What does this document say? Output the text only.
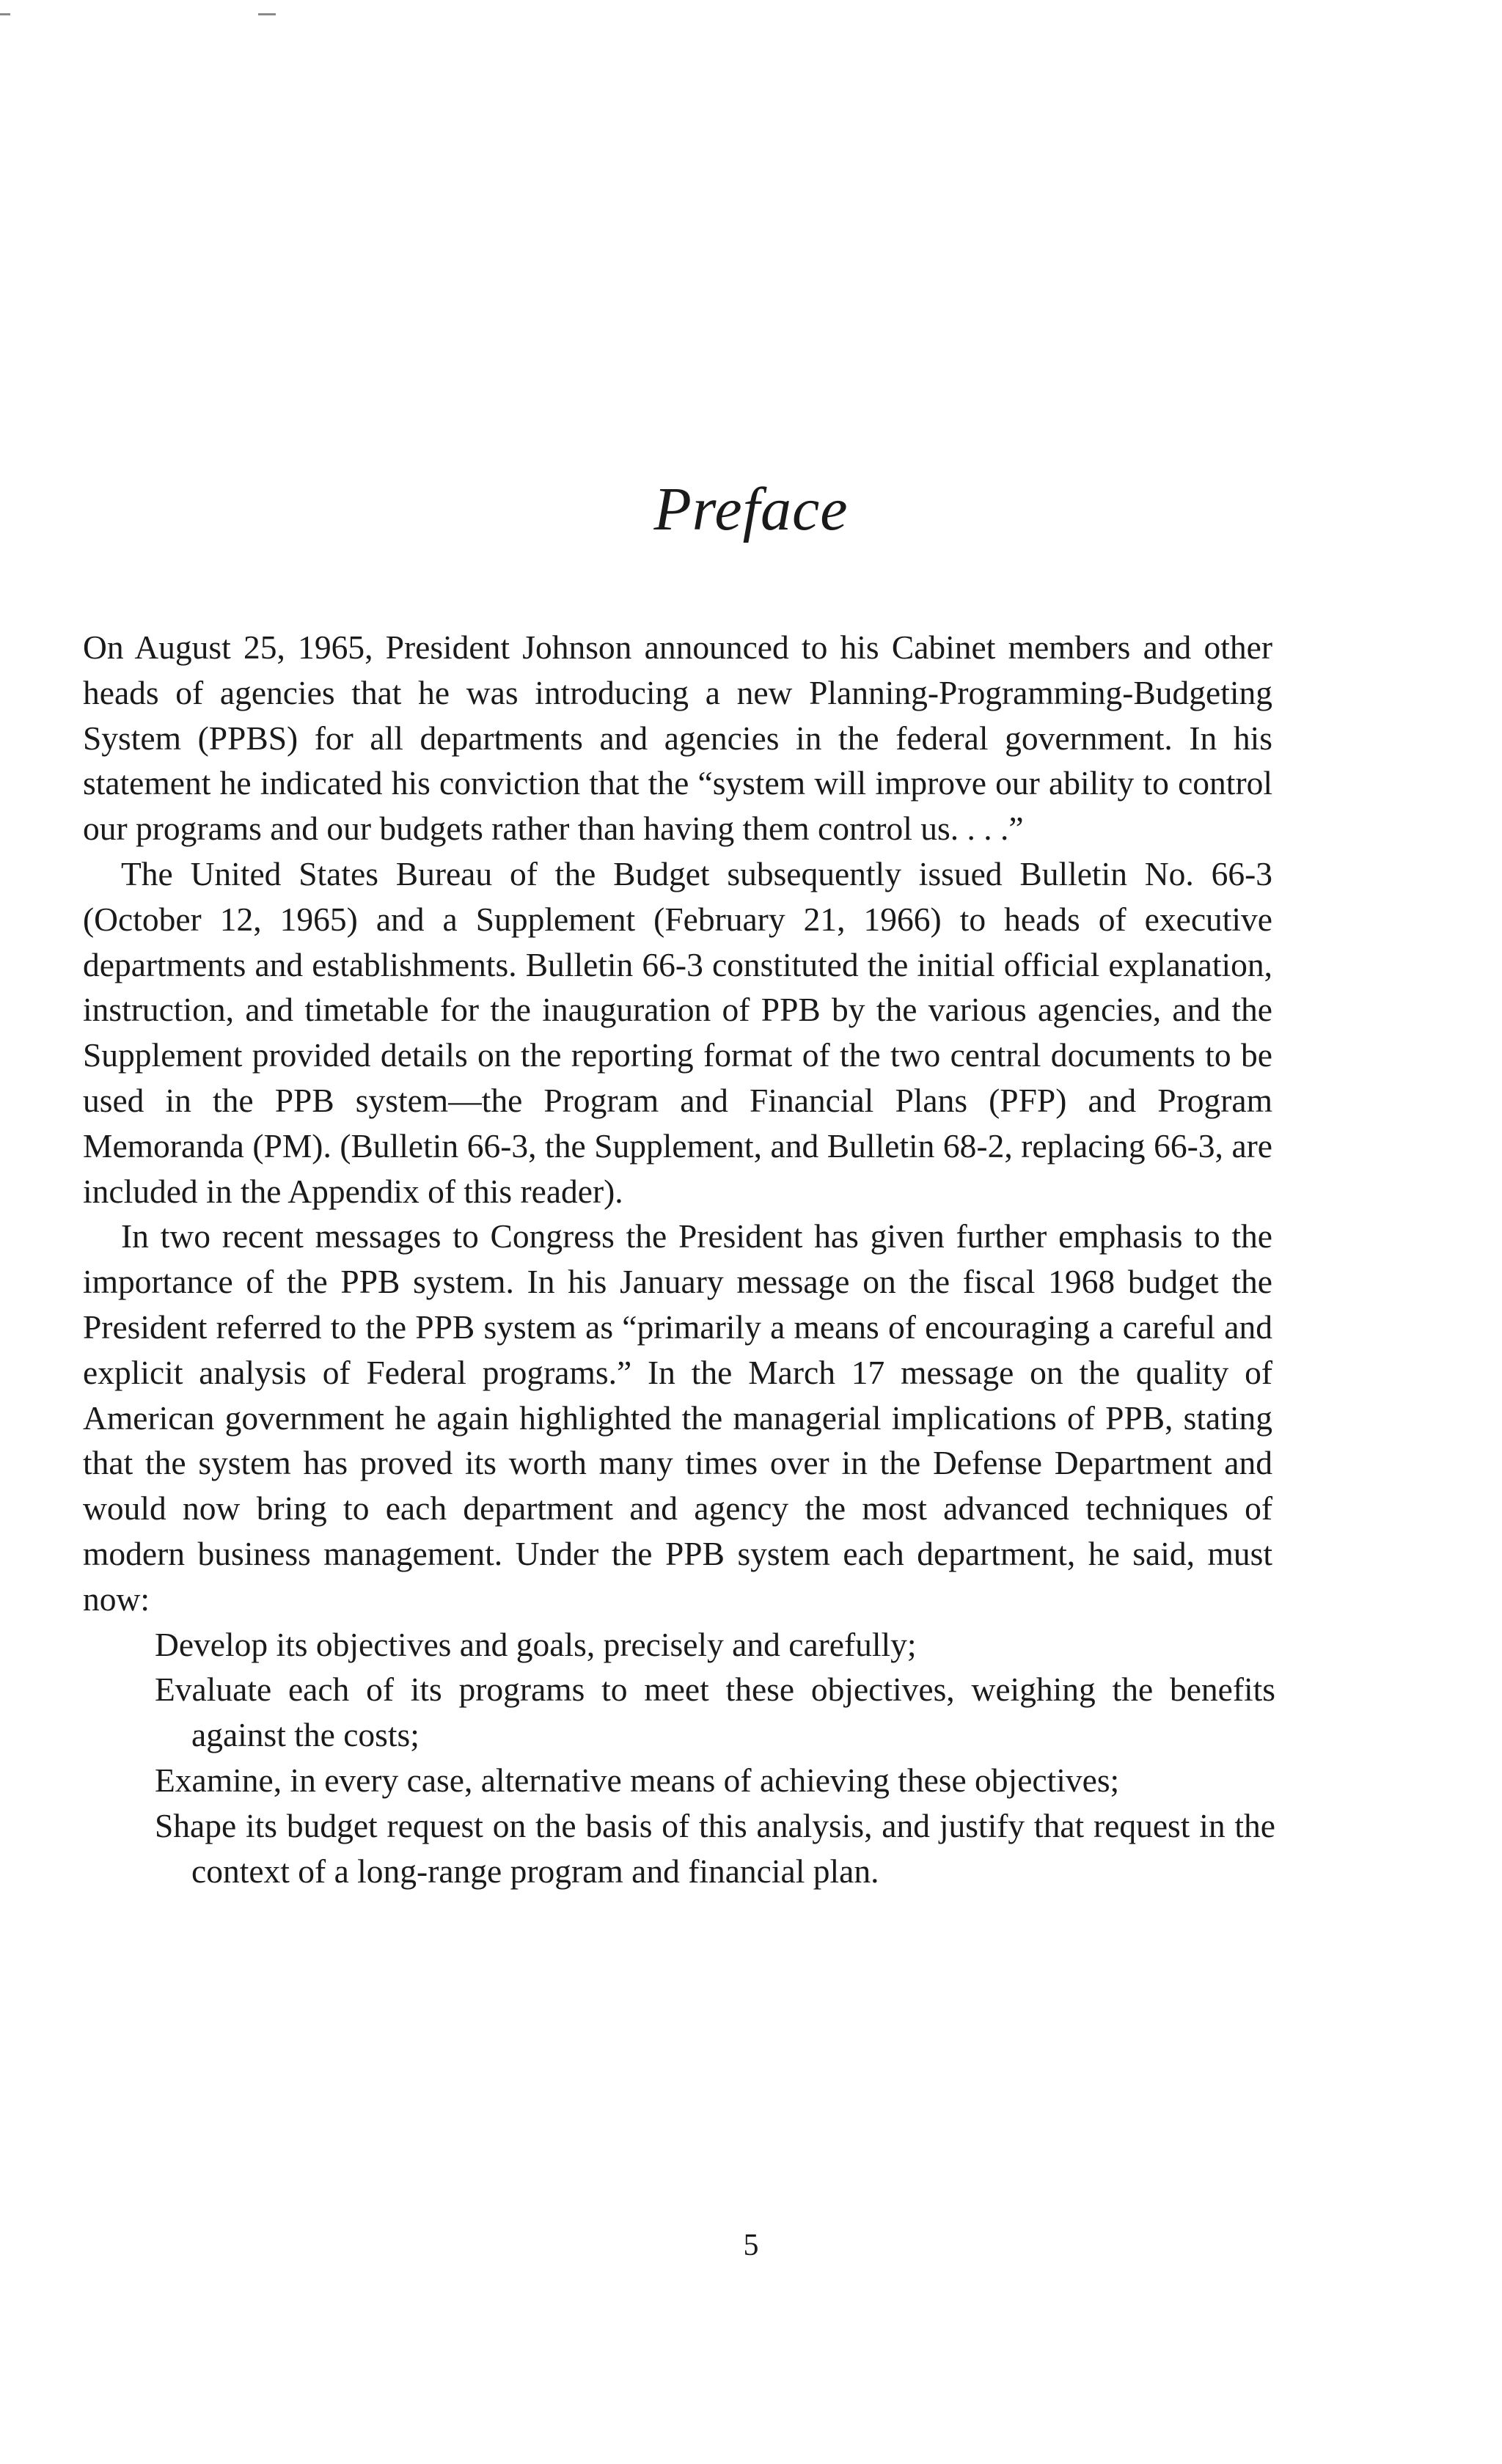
Preface

On August 25, 1965, President Johnson announced to his Cabinet members and other heads of agencies that he was introducing a new Planning-Programming-Budgeting System (PPBS) for all departments and agencies in the federal government. In his statement he indicated his conviction that the “system will improve our ability to control our programs and our budgets rather than having them control us. . . .”

The United States Bureau of the Budget subsequently issued Bulletin No. 66-3 (October 12, 1965) and a Supplement (February 21, 1966) to heads of executive departments and establishments. Bulletin 66-3 constituted the initial official explanation, instruction, and timetable for the inauguration of PPB by the various agencies, and the Supplement provided details on the reporting format of the two central documents to be used in the PPB system—the Program and Financial Plans (PFP) and Program Memoranda (PM). (Bulletin 66-3, the Supplement, and Bulletin 68-2, replacing 66-3, are included in the Appendix of this reader).

In two recent messages to Congress the President has given further emphasis to the importance of the PPB system. In his January message on the fiscal 1968 budget the President referred to the PPB system as “primarily a means of encouraging a careful and explicit analysis of Federal programs.” In the March 17 message on the quality of American government he again highlighted the managerial implications of PPB, stating that the system has proved its worth many times over in the Defense Department and would now bring to each department and agency the most advanced techniques of modern business management. Under the PPB system each department, he said, must now:

Develop its objectives and goals, precisely and carefully;
Evaluate each of its programs to meet these objectives, weighing the benefits against the costs;
Examine, in every case, alternative means of achieving these objectives;
Shape its budget request on the basis of this analysis, and justify that request in the context of a long-range program and financial plan.
5
